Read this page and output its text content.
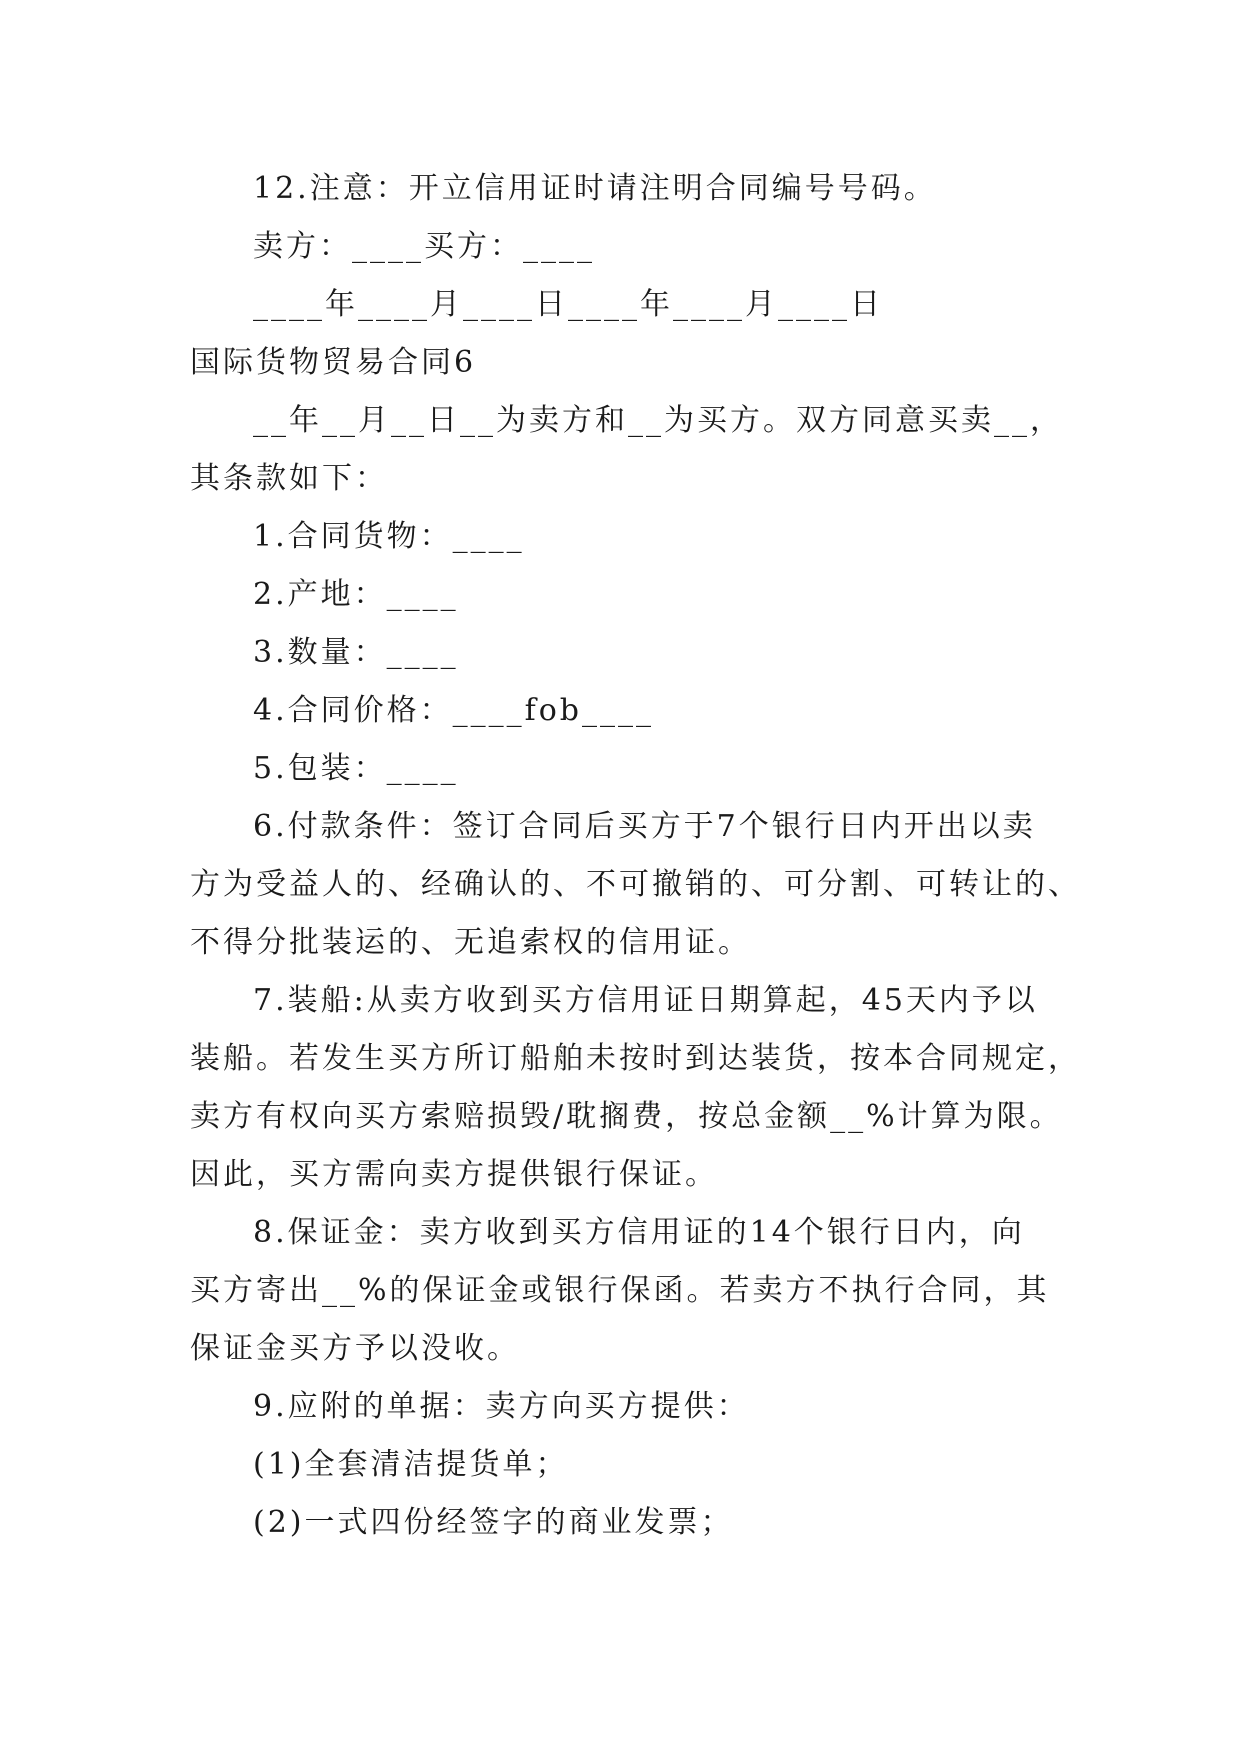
12.注意：开立信用证时请注明合同编号号码。
卖方：____买方：____
____年____月____日____年____月____日
国际货物贸易合同6
__年__月__日__为卖方和__为买方。双方同意买卖__，
其条款如下：
1.合同货物：____
2.产地：____
3.数量：____
4.合同价格：____fob____
5.包装：____
6.付款条件：签订合同后买方于7个银行日内开出以卖
方为受益人的、经确认的、不可撤销的、可分割、可转让的、
不得分批装运的、无追索权的信用证。
7.装船:从卖方收到买方信用证日期算起，45天内予以
装船。若发生买方所订船舶未按时到达装货，按本合同规定，
卖方有权向买方索赔损毁/耽搁费，按总金额__%计算为限。
因此，买方需向卖方提供银行保证。
8.保证金：卖方收到买方信用证的14个银行日内，向
买方寄出__%的保证金或银行保函。若卖方不执行合同，其
保证金买方予以没收。
9.应附的单据：卖方向买方提供：
(1)全套清洁提货单；
(2)一式四份经签字的商业发票；
